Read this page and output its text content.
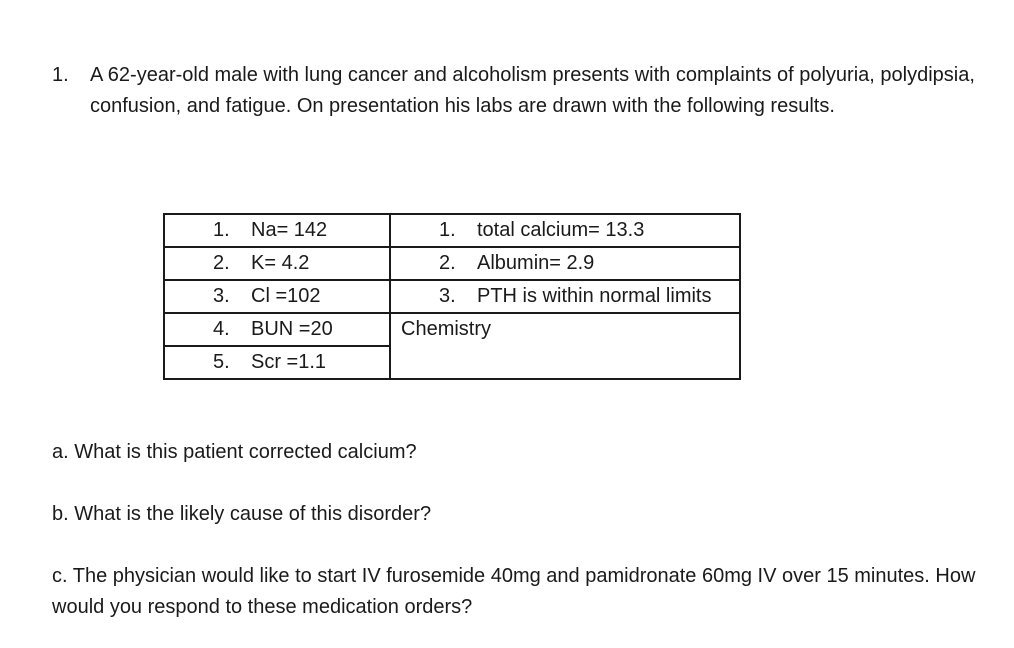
1. A 62-year-old male with lung cancer and alcoholism presents with complaints of polyuria, polydipsia, confusion, and fatigue. On presentation his labs are drawn with the following results.
1. Na= 142	1. total calcium= 13.3

2. K= 4.2	2. Albumin= 2.9

3. Cl =102	3. PTH is within normal limits

4. BUN =20	Chemistry

5. Scr =1.1	
a. What is this patient corrected calcium?
b. What is the likely cause of this disorder?
c. The physician would like to start IV furosemide 40mg and pamidronate 60mg IV over 15 minutes. How would you respond to these medication orders?
